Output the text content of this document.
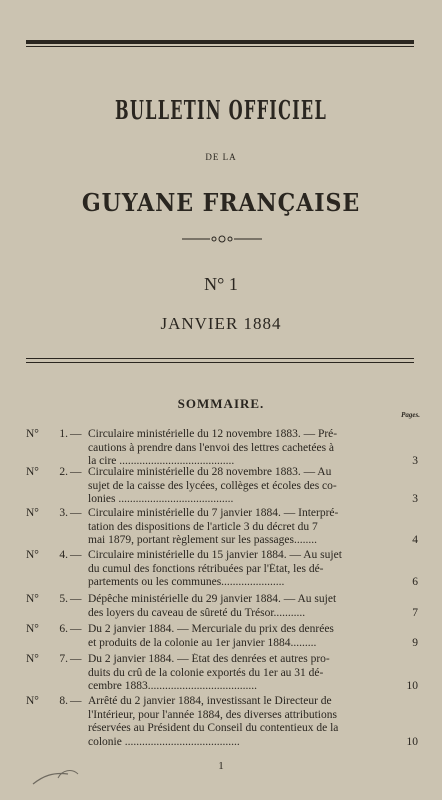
BULLETIN OFFICIEL
DE LA
GUYANE FRANÇAISE
N° 1
JANVIER 1884
SOMMAIRE.
Pages.
N°	1. — Circulaire ministérielle du 12 novembre 1883. — Pré-
cautions à prendre dans l'envoi des lettres cachetées à
la cire ........................................	3
N°	2. — Circulaire ministérielle du 28 novembre 1883. — Au
sujet de la caisse des lycées, collèges et écoles des co-
lonies ........................................	3
N°	3. — Circulaire ministérielle du 7 janvier 1884. — Interpré-
tation des dispositions de l'article 3 du décret du 7
mai 1879, portant règlement sur les passages........	4
N°	4. — Circulaire ministérielle du 15 janvier 1884. — Au sujet
du cumul des fonctions rétribuées par l'État, les dé-
partements ou les communes......................	6
N°	5. — Dépêche ministérielle du 29 janvier 1884. — Au sujet
des loyers du caveau de sûreté du Trésor...........	7
N°	6. — Du 2 janvier 1884. — Mercuriale du prix des denrées
et produits de la colonie au 1er janvier 1884.........	9
N°	7. — Du 2 janvier 1884. — État des denrées et autres pro-
duits du crû de la colonie exportés du 1er au 31 dé-
cembre 1883......................................	10
N°	8. — Arrêté du 2 janvier 1884, investissant le Directeur de
l'Intérieur, pour l'année 1884, des diverses attributions
réservées au Président du Conseil du contentieux de la
colonie ........................................	10
1
